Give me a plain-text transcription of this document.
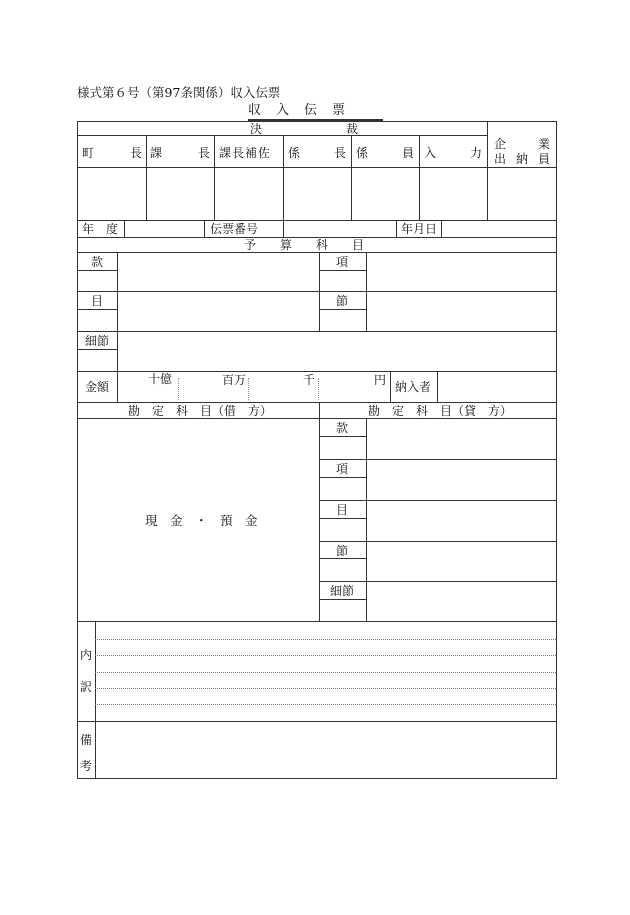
様式第６号（第97条関係）収入伝票
収　入　伝　票
決　　　　　　　裁
町	長 課	長 課長補佐 係	長 係	員 入	力
企	業
出 納 員
年　度	伝票番号	年月日
予　　算　　科　　目
款	項
目	節
細節
金額
十億	百万	千	円 納入者
勘　定　科　目（借　方）	勘　定　科　目（貸　方）
現　金　・　預　金
款
項
目
節
細節
内
訳
備
考
